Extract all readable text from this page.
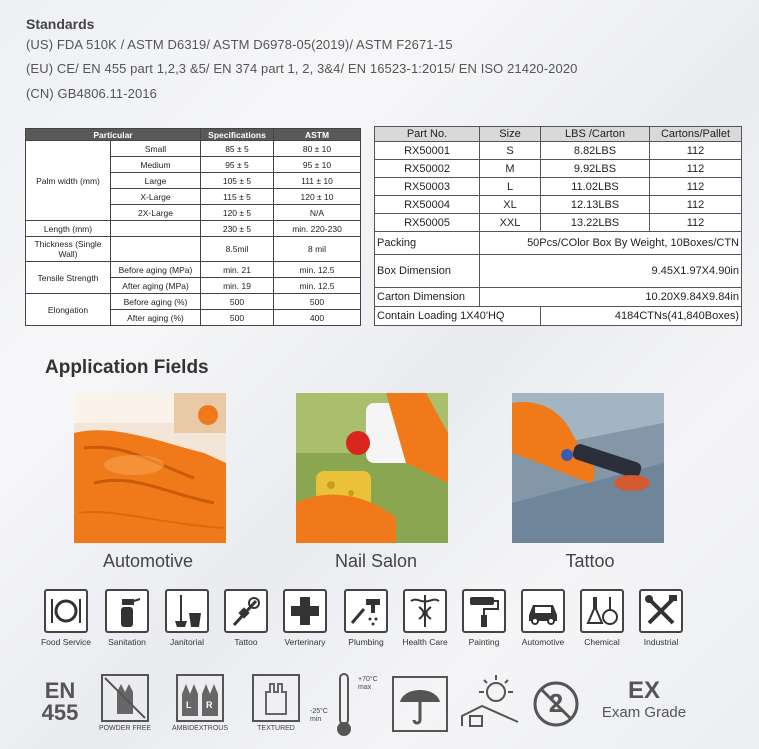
Standards
(US) FDA 510K / ASTM D6319/ ASTM D6978-05(2019)/ ASTM F2671-15
(EU) CE/ EN 455 part 1,2,3 &5/ EN 374 part 1, 2, 3&4/ EN 16523-1:2015/ EN ISO 21420-2020
(CN) GB4806.11-2016
Particular		Specifications	ASTM
Palm width (mm)	Small	85 ± 5	80 ± 10
	Medium	95 ± 5	95 ± 10
	Large	105 ± 5	111 ± 10
	X-Large	115 ± 5	120 ± 10
	2X-Large	120 ± 5	N/A
Length (mm)		230 ± 5	min. 220-230
Thickness (Single Wall)		8.5mil	8 mil
Tensile Strength	Before aging (MPa)	min. 21	min. 12.5
	After aging (MPa)	min. 19	min. 12.5
Elongation	Before aging (%)	500	500
	After aging (%)	500	400
Part No.	Size	LBS /Carton	Cartons/Pallet
RX50001	S	8.82LBS	112
RX50002	M	9.92LBS	112
RX50003	L	11.02LBS	112
RX50004	XL	12.13LBS	112
RX50005	XXL	13.22LBS	112
Packing	50Pcs/COlor Box By Weight, 10Boxes/CTN		
Box Dimension	9.45X1.97X4.90in		
Carton Dimension	10.20X9.84X9.84in		
Contain Loading 1X40'HQ		4184CTNs(41,840Boxes)	
Application Fields
Automotive	Nail Salon	Tattoo
Food Service	Sanitation	Janitorial	Tattoo	Verterinary	Plumbing	Health Care	Painting	Automotive	Chemical	Industrial
EN
455
POWDER FREE
L R
AMBIDEXTROUS	TEXTURED
+70°C
max
-25°C
min
2	EX
Exam Grade
